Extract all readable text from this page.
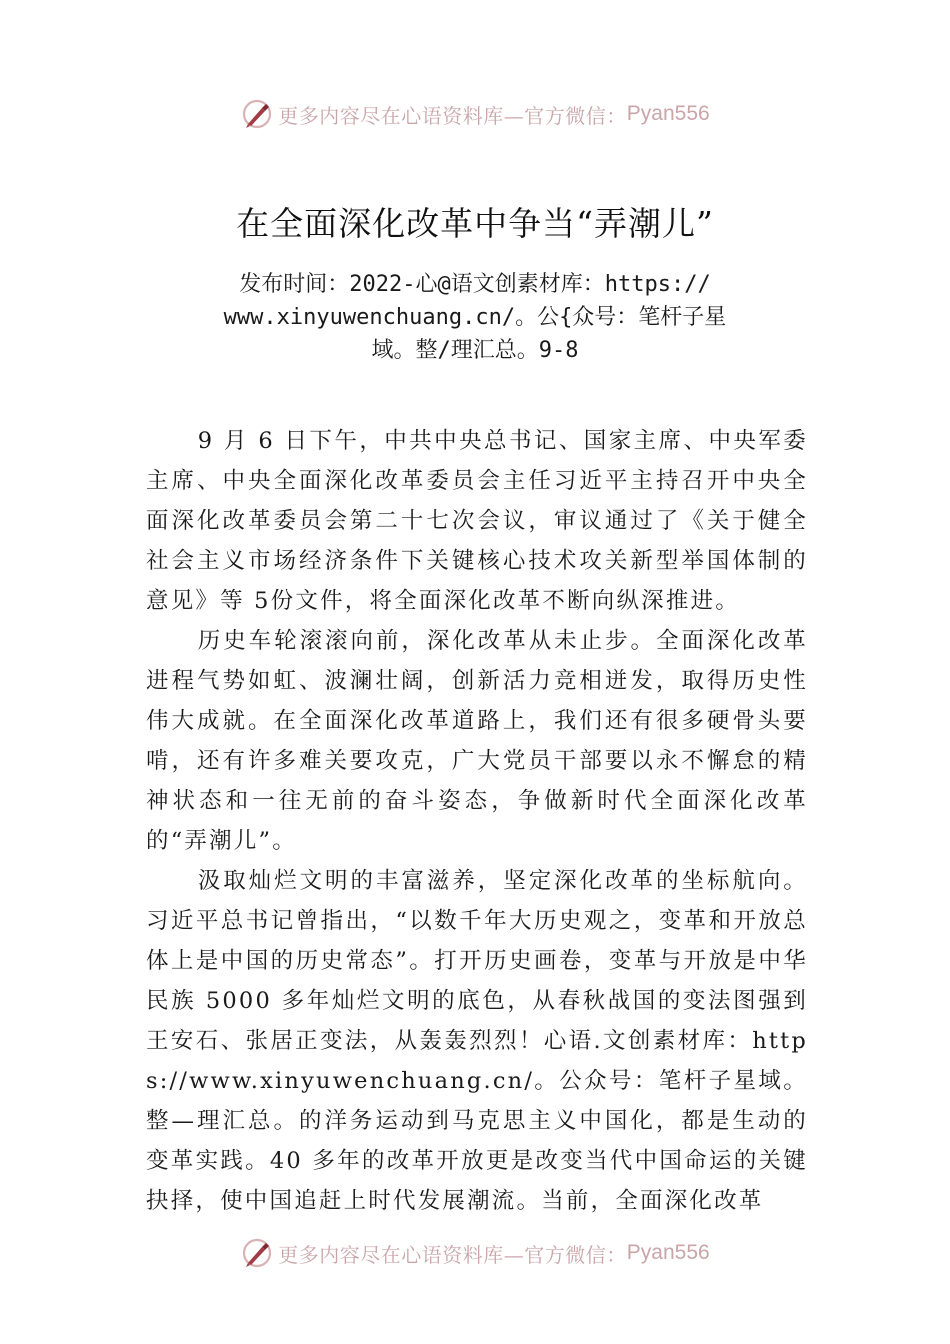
更多内容尽在心语资料库—官方微信： Pyan556
在全面深化改革中争当“弄潮儿”
发布时间：2022-心@语文创素材库：https://
www.xinyuwenchuang.cn/。公{众号：笔杆子星
域。整/理汇总。9-8

9 月 6 日下午，中共中央总书记、国家主席、中央军委主席、中央全面深化改革委员会主任习近平主持召开中央全面深化改革委员会第二十七次会议，审议通过了《关于健全社会主义市场经济条件下关键核心技术攻关新型举国体制的意见》等 5份文件，将全面深化改革不断向纵深推进。

历史车轮滚滚向前，深化改革从未止步。全面深化改革进程气势如虹、波澜壮阔，创新活力竞相迸发，取得历史性伟大成就。在全面深化改革道路上，我们还有很多硬骨头要啃，还有许多难关要攻克，广大党员干部要以永不懈怠的精神状态和一往无前的奋斗姿态，争做新时代全面深化改革的“弄潮儿”。

汲取灿烂文明的丰富滋养，坚定深化改革的坐标航向。习近平总书记曾指出，“以数千年大历史观之，变革和开放总体上是中国的历史常态”。打开历史画卷，变革与开放是中华民族 5000 多年灿烂文明的底色，从春秋战国的变法图强到王安石、张居正变法，从轰轰烈烈！心语.文创素材库：https://www.xinyuwenchuang.cn/。公众号：笔杆子星域。整—理汇总。的洋务运动到马克思主义中国化，都是生动的变革实践。40 多年的改革开放更是改变当代中国命运的关键抉择，使中国追赶上时代发展潮流。当前，全面深化改革

更多内容尽在心语资料库—官方微信： Pyan556
